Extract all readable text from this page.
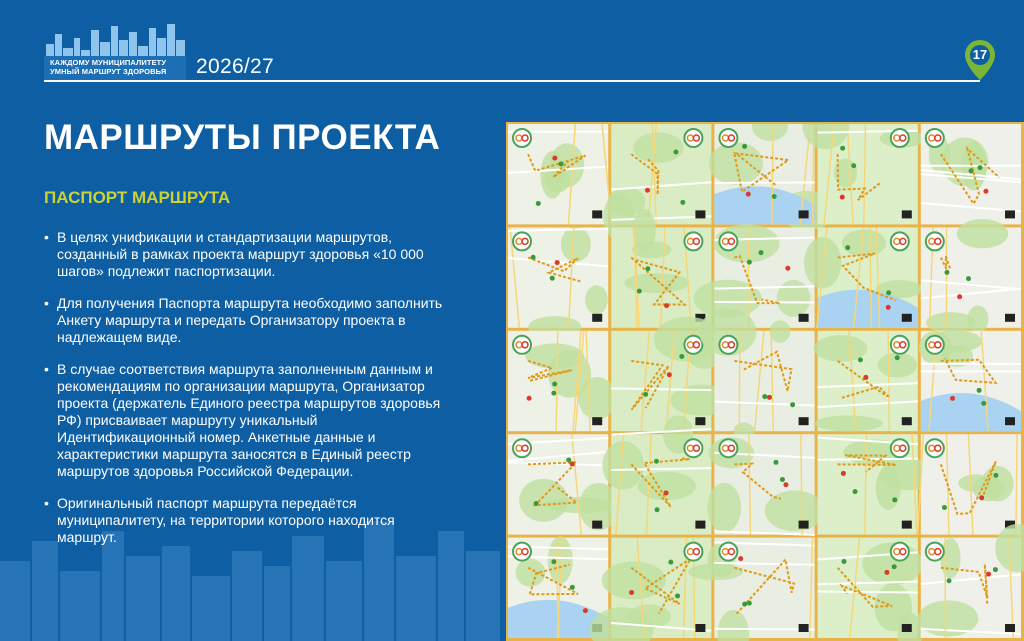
КАЖДОМУ МУНИЦИПАЛИТЕТУ
УМНЫЙ МАРШРУТ ЗДОРОВЬЯ	2026/27
17
МАРШРУТЫ ПРОЕКТА
ПАСПОРТ МАРШРУТА
• В целях унификации и стандартизации маршрутов, созданный в рамках проекта маршрут здоровья «10 000 шагов» подлежит паспортизации.
• Для получения Паспорта маршрута необходимо заполнить Анкету маршрута и передать Организатору проекта в надлежащем виде.
• В случае соответствия маршрута заполненным данным и рекомендациям по организации маршрута, Организатор проекта (держатель Единого реестра маршрутов здоровья РФ) присваивает маршруту уникальный Идентификационный номер. Анкетные данные и характеристики маршрута заносятся в Единый реестр маршрутов здоровья Российской Федерации.
• Оригинальный паспорт маршрута передаётся муниципалитету, на территории которого находится маршрут.
